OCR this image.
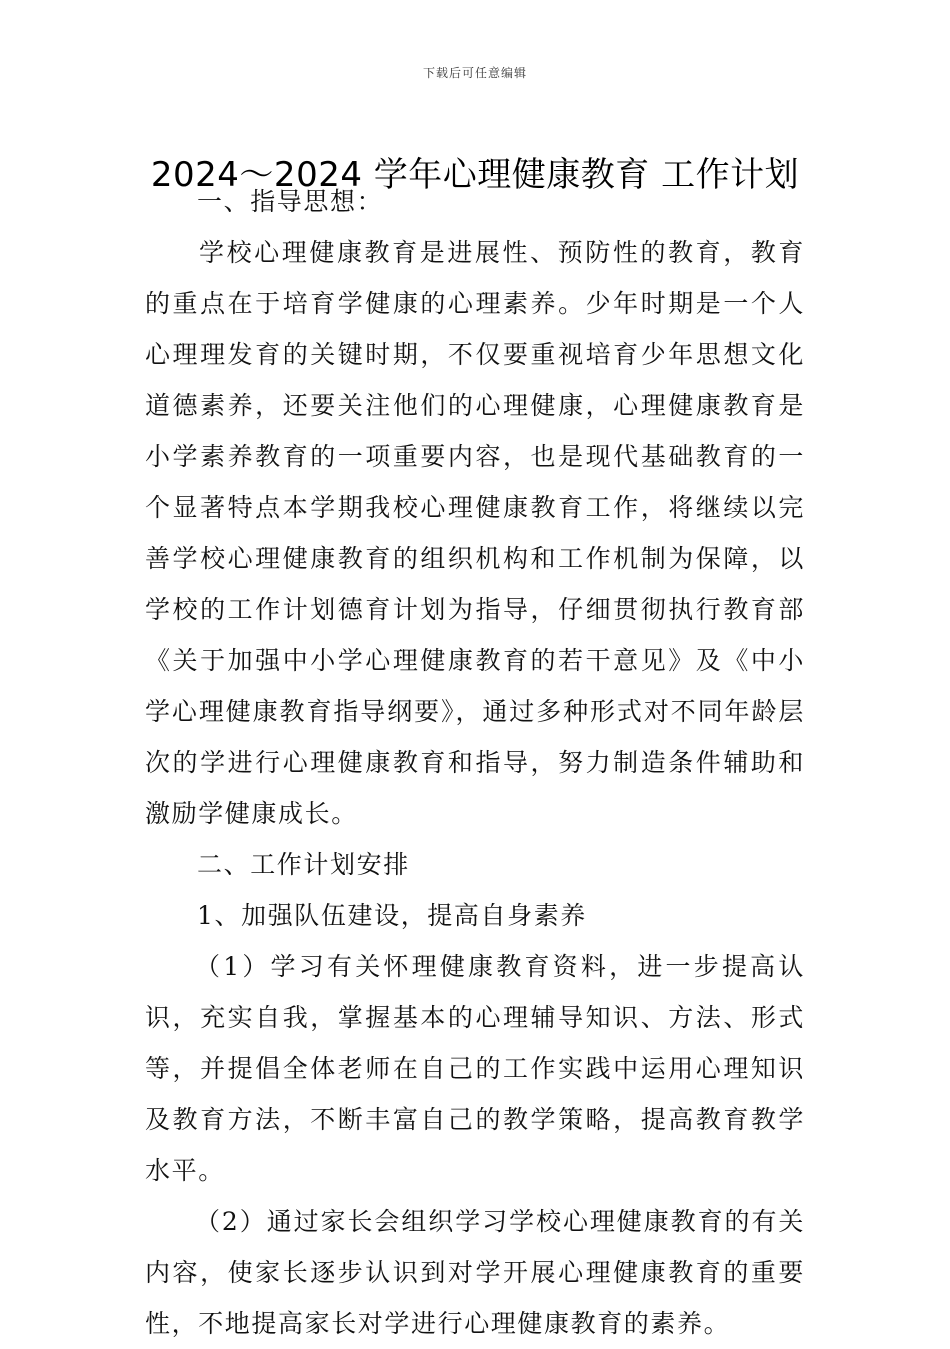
下载后可任意编辑
2024～2024 学年心理健康教育 工作计划

一、指导思想：

学校心理健康教育是进展性、预防性的教育，教育的重点在于培育学健康的心理素养。少年时期是一个人心理理发育的关键时期，不仅要重视培育少年思想文化道德素养，还要关注他们的心理健康，心理健康教育是小学素养教育的一项重要内容，也是现代基础教育的一个显著特点本学期我校心理健康教育工作，将继续以完善学校心理健康教育的组织机构和工作机制为保障，以学校的工作计划德育计划为指导，仔细贯彻执行教育部《关于加强中小学心理健康教育的若干意见》及《中小学心理健康教育指导纲要》，通过多种形式对不同年龄层次的学进行心理健康教育和指导，努力制造条件辅助和激励学健康成长。

二、工作计划安排

1、加强队伍建设，提高自身素养

（1）学习有关怀理健康教育资料，进一步提高认识，充实自我，掌握基本的心理辅导知识、方法、形式等，并提倡全体老师在自己的工作实践中运用心理知识及教育方法，不断丰富自己的教学策略，提高教育教学水平。

（2）通过家长会组织学习学校心理健康教育的有关内容，使家长逐步认识到对学开展心理健康教育的重要性，不地提高家长对学进行心理健康教育的素养。
